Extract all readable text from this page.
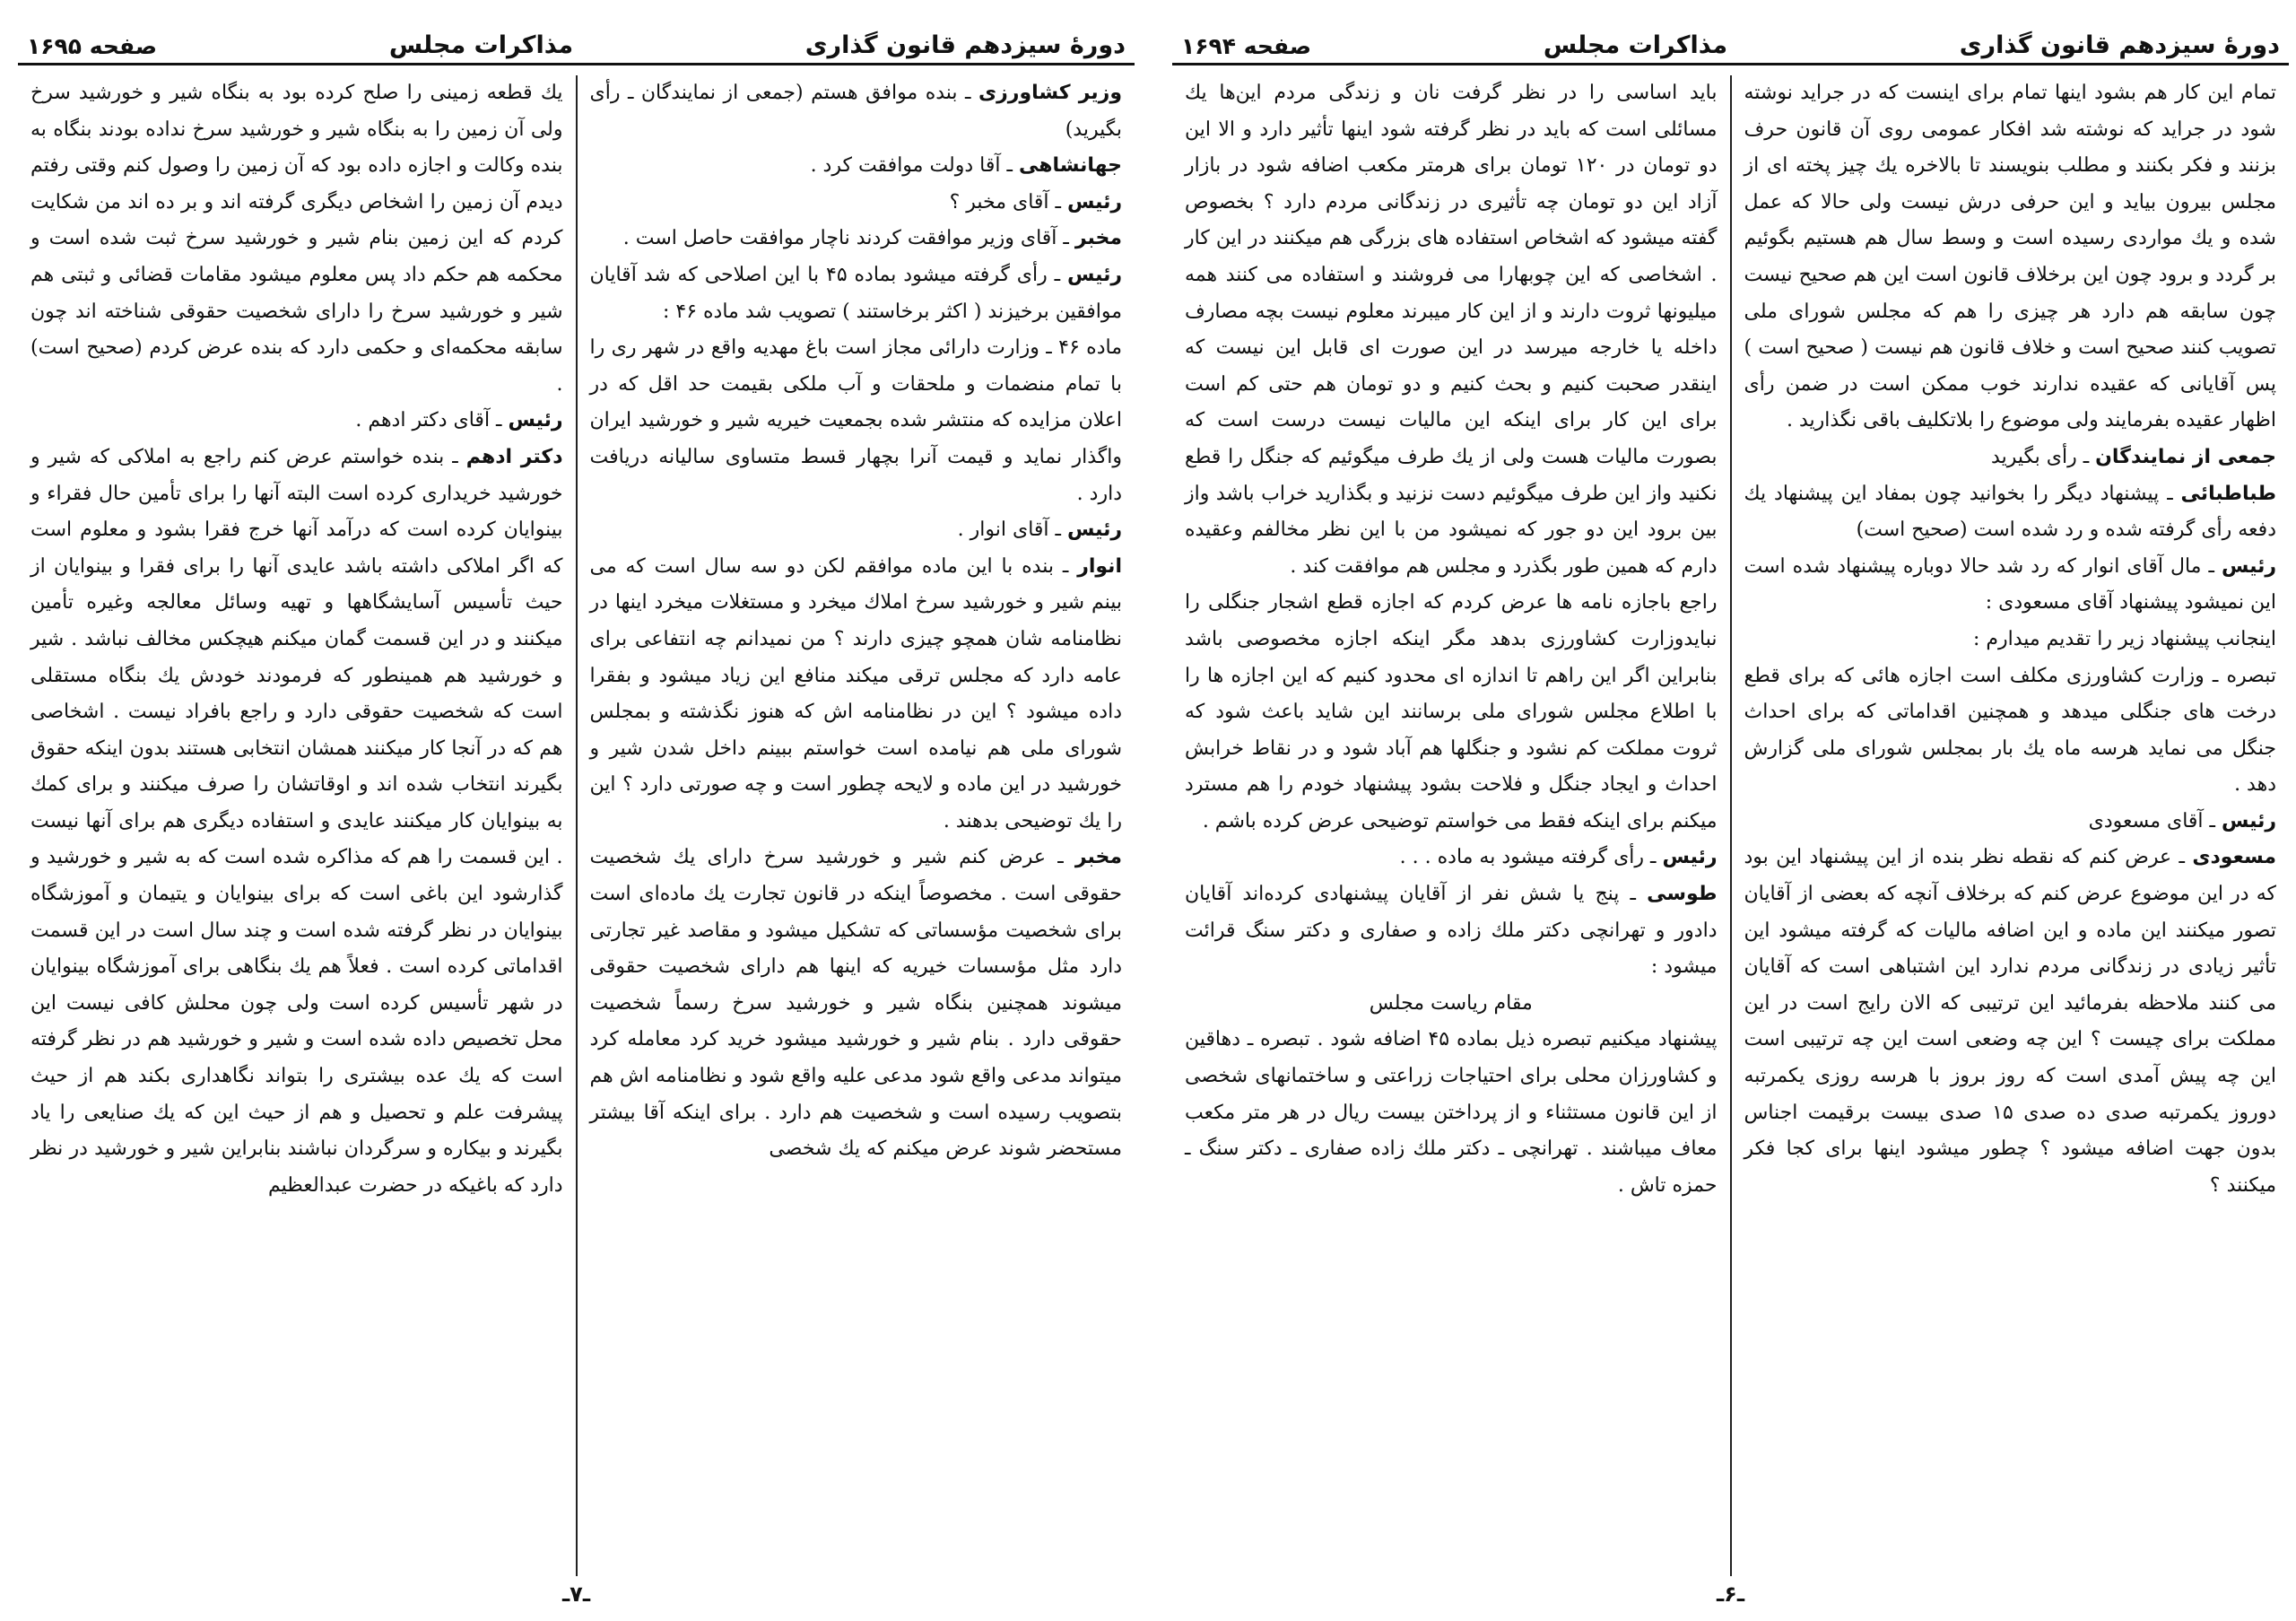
دورهٔ سیزدهم قانون گذاری
مذاکرات مجلس
صفحه ۱۶۹۴

تمام این کار هم بشود اینها تمام برای اینست که در جراید نوشته شود در جراید که نوشته شد افکار عمومی روی آن قانون حرف بزنند و فکر بکنند و مطلب بنویسند تا بالاخره یك چیز پخته ای از مجلس بیرون بیاید و این حرفی درش نیست ولی حالا که عمل شده و یك مواردی رسیده است و وسط سال هم هستیم بگوئیم بر گردد و برود چون این برخلاف قانون است این هم صحیح نیست چون سابقه هم دارد هر چیزی را هم که مجلس شورای ملی تصویب کنند صحیح است و خلاف قانون هم نیست ( صحیح است ) پس آقایانی که عقیده ندارند خوب ممکن است در ضمن رأی اظهار عقیده بفرمایند ولی موضوع را بلاتکلیف باقی نگذارید .

جمعی از نمایندگان ـ رأی بگیرید

طباطبائی ـ پیشنهاد دیگر را بخوانید چون بمفاد این پیشنهاد یك دفعه رأی گرفته شده و رد شده است (صحیح است)

رئیس ـ مال آقای انوار که رد شد حالا دوباره پیشنهاد شده است این نمیشود پیشنهاد آقای مسعودی :

اینجانب پیشنهاد زیر را تقدیم میدارم :

تبصره ـ وزارت کشاورزی مکلف است اجازه هائی که برای قطع درخت های جنگلی میدهد و همچنین اقداماتی که برای احداث جنگل می نماید هرسه ماه یك بار بمجلس شورای ملی گزارش دهد .

رئیس ـ آقای مسعودی

مسعودی ـ عرض کنم که نقطه نظر بنده از این پیشنهاد این بود که در این موضوع عرض کنم که برخلاف آنچه که بعضی از آقایان تصور میکنند این ماده و این اضافه مالیات که گرفته میشود این تأثیر زیادی در زندگانی مردم ندارد این اشتباهی است که آقایان می کنند ملاحظه بفرمائید این ترتیبی که الان رایج است در این مملکت برای چیست ؟ این چه وضعی است این چه ترتیبی است این چه پیش آمدی است که روز بروز با هرسه روزی یکمرتبه دوروز یکمرتبه صدی ده صدی ۱۵ صدی بیست برقیمت اجناس بدون جهت اضافه میشود ؟ چطور میشود اینها برای کجا فکر میکنند ؟

باید اساسی را در نظر گرفت نان و زندگی مردم این‌ها یك مسائلی است که باید در نظر گرفته شود اینها تأثیر دارد و الا این دو تومان در ۱۲۰ تومان برای هرمتر مکعب اضافه شود در بازار آزاد این دو تومان چه تأثیری در زندگانی مردم دارد ؟ بخصوص گفته میشود که اشخاص استفاده های بزرگی هم میکنند در این کار . اشخاصی که این چوبهارا می فروشند و استفاده می کنند همه میلیونها ثروت دارند و از این کار میبرند معلوم نیست بچه مصارف داخله یا خارجه میرسد در این صورت ای قابل این نیست که اینقدر صحبت کنیم و بحث کنیم و دو تومان هم حتی کم است برای این کار برای اینکه این مالیات نیست درست است که بصورت مالیات هست ولی از یك طرف میگوئیم که جنگل را قطع نکنید واز این طرف میگوئیم دست نزنید و بگذارید خراب باشد واز بین برود این دو جور که نمیشود من با این نظر مخالفم وعقیده دارم که همین طور بگذرد و مجلس هم موافقت کند .

راجع باجازه نامه ها عرض کردم که اجازه قطع اشجار جنگلی را نبایدوزارت کشاورزی بدهد مگر اینکه اجازه مخصوصی باشد بنابراین اگر این راهم تا اندازه ای محدود کنیم که این اجازه ها را با اطلاع مجلس شورای ملی برسانند این شاید باعث شود که ثروت مملکت کم نشود و جنگلها هم آباد شود و در نقاط خرابش احداث و ایجاد جنگل و فلاحت بشود پیشنهاد خودم را هم مسترد میکنم برای اینکه فقط می خواستم توضیحی عرض کرده باشم .

رئیس ـ رأی گرفته میشود به ماده . . .

طوسی ـ پنج یا شش نفر از آقایان پیشنهادی کرده‌اند آقایان دادور و تهرانچی دکتر ملك زاده و صفاری و دکتر سنگ قرائت میشود :

مقام ریاست مجلس

پیشنهاد میکنیم تبصره ذیل بماده ۴۵ اضافه شود . تبصره ـ دهاقین و کشاورزان محلی برای احتیاجات زراعتی و ساختمانهای شخصی از این قانون مستثناء و از پرداختن بیست ریال در هر متر مکعب معاف میباشند . تهرانچی ـ دکتر ملك زاده صفاری ـ دکتر سنگ ـ حمزه تاش .

ـ۶ـ
دورهٔ سیزدهم قانون گذاری
مذاکرات مجلس
صفحه ۱۶۹۵

وزیر کشاورزی ـ بنده موافق هستم (جمعی از نمایندگان ـ رأی بگیرید)

جهانشاهی ـ آقا دولت موافقت کرد .

رئیس ـ آقای مخبر ؟

مخبر ـ آقای وزیر موافقت کردند ناچار موافقت حاصل است .

رئیس ـ رأی گرفته میشود بماده ۴۵ با این اصلاحی که شد آقایان موافقین برخیزند ( اکثر برخاستند ) تصویب شد ماده ۴۶ :

ماده ۴۶ ـ وزارت دارائی مجاز است باغ مهدیه واقع در شهر ری را با تمام منضمات و ملحقات و آب ملکی بقیمت حد اقل که در اعلان مزایده که منتشر شده بجمعیت خیریه شیر و خورشید ایران واگذار نماید و قیمت آنرا بچهار قسط متساوی سالیانه دریافت دارد .

رئیس ـ آقای انوار .

انوار ـ بنده با این ماده موافقم لکن دو سه سال است که می بینم شیر و خورشید سرخ املاك میخرد و مستغلات میخرد اینها در نظامنامه شان همچو چیزی دارند ؟ من نمیدانم چه انتفاعی برای عامه دارد که مجلس ترقی میکند منافع این زیاد میشود و بفقرا داده میشود ؟ این در نظامنامه اش که هنوز نگذشته و بمجلس شورای ملی هم نیامده است خواستم ببینم داخل شدن شیر و خورشید در این ماده و لایحه چطور است و چه صورتی دارد ؟ این را یك توضیحی بدهند .

مخبر ـ عرض کنم شیر و خورشید سرخ دارای یك شخصیت حقوقی است . مخصوصاً اینکه در قانون تجارت یك ماده‌ای است برای شخصیت مؤسساتی که تشکیل میشود و مقاصد غیر تجارتی دارد مثل مؤسسات خیریه که اینها هم دارای شخصیت حقوقی میشوند همچنین بنگاه شیر و خورشید سرخ رسماً شخصیت حقوقی دارد . بنام شیر و خورشید میشود خرید کرد معامله کرد میتواند مدعی واقع شود مدعی علیه واقع شود و نظامنامه اش هم بتصویب رسیده است و شخصیت هم دارد . برای اینکه آقا بیشتر مستحضر شوند عرض میکنم که یك شخصی

یك قطعه زمینی را صلح کرده بود به بنگاه شیر و خورشید سرخ ولی آن زمین را به بنگاه شیر و خورشید سرخ نداده بودند بنگاه به بنده وکالت و اجازه داده بود که آن زمین را وصول کنم وقتی رفتم دیدم آن زمین را اشخاص دیگری گرفته اند و بر ده اند من شکایت کردم که این زمین بنام شیر و خورشید سرخ ثبت شده است و محکمه هم حکم داد پس معلوم میشود مقامات قضائی و ثبتی هم شیر و خورشید سرخ را دارای شخصیت حقوقی شناخته اند چون سابقه محکمه‌ای و حکمی دارد که بنده عرض کردم (صحیح است) .

رئیس ـ آقای دکتر ادهم .

دکتر ادهم ـ بنده خواستم عرض کنم راجع به املاکی که شیر و خورشید خریداری کرده است البته آنها را برای تأمین حال فقراء و بینوایان کرده است که درآمد آنها خرج فقرا بشود و معلوم است که اگر املاکی داشته باشد عایدی آنها را برای فقرا و بینوایان از حیث تأسیس آسایشگاهها و تهیه وسائل معالجه وغیره تأمین میکنند و در این قسمت گمان میکنم هیچکس مخالف نباشد . شیر و خورشید هم همینطور که فرمودند خودش یك بنگاه مستقلی است که شخصیت حقوقی دارد و راجع بافراد نیست . اشخاصی هم که در آنجا کار میکنند همشان انتخابی هستند بدون اینکه حقوق بگیرند انتخاب شده اند و اوقاتشان را صرف میکنند و برای کمك به بینوایان کار میکنند عایدی و استفاده دیگری هم برای آنها نیست . این قسمت را هم که مذاکره شده است که به شیر و خورشید و گذارشود این باغی است که برای بینوایان و یتیمان و آموزشگاه بینوایان در نظر گرفته شده است و چند سال است در این قسمت اقداماتی کرده است . فعلاً هم یك بنگاهی برای آموزشگاه بینوایان در شهر تأسیس کرده است ولی چون محلش کافی نیست این محل تخصیص داده شده است و شیر و خورشید هم در نظر گرفته است که یك عده بیشتری را بتواند نگاهداری بکند هم از حیث پیشرفت علم و تحصیل و هم از حیث این که یك صنایعی را یاد بگیرند و بیکاره و سرگردان نباشند بنابراین شیر و خورشید در نظر دارد که باغیکه در حضرت عبدالعظیم

ـ۷ـ
